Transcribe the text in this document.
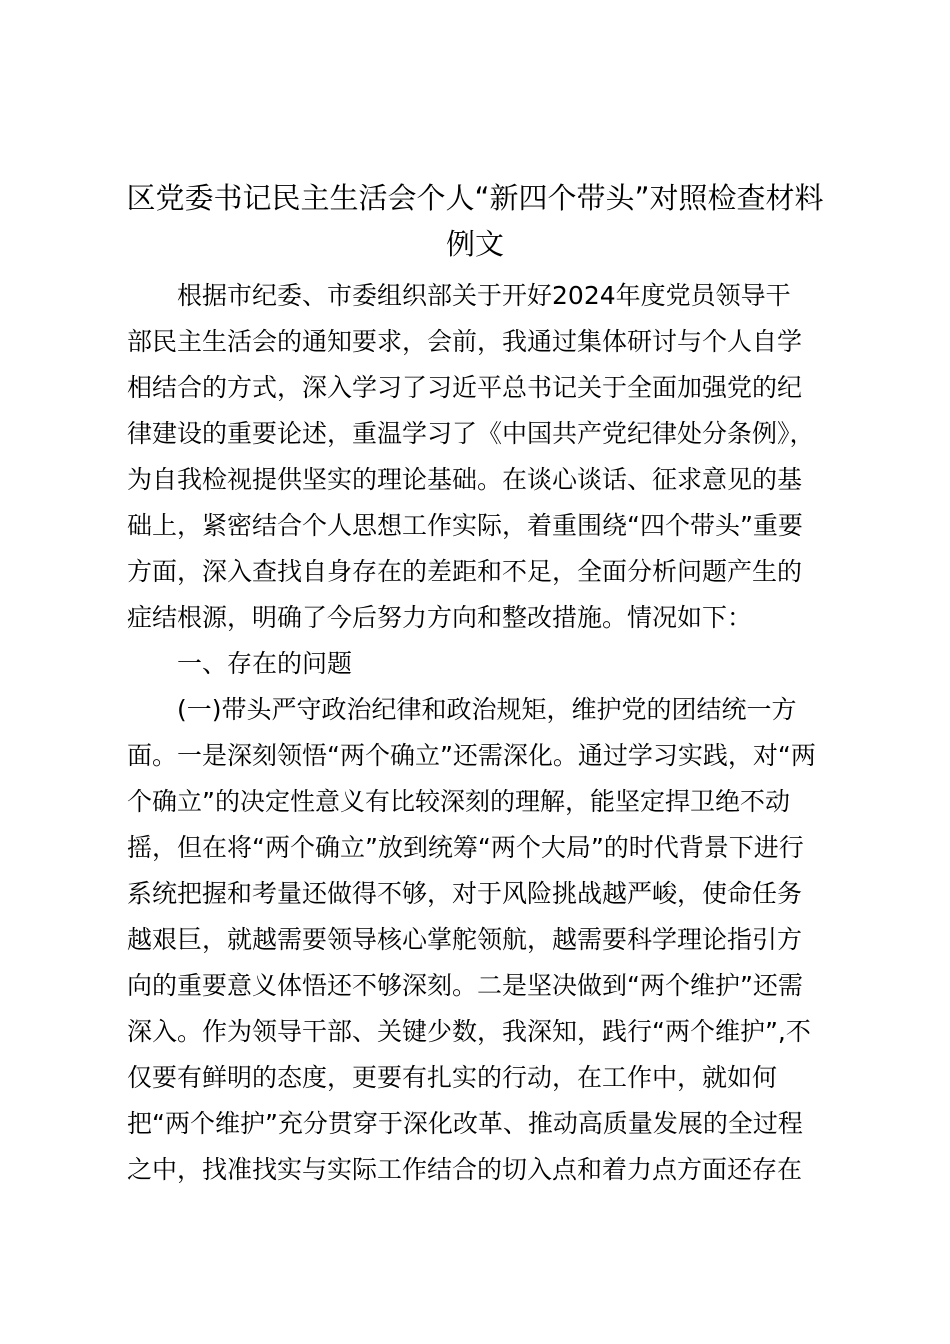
区党委书记民主生活会个人“新四个带头”对照检查材料
例文

根据市纪委、市委组织部关于开好2024年度党员领导干

部民主生活会的通知要求，会前，我通过集体研讨与个人自学

相结合的方式，深入学习了习近平总书记关于全面加强党的纪

律建设的重要论述，重温学习了《中国共产党纪律处分条例》，

为自我检视提供坚实的理论基础。在谈心谈话、征求意见的基

础上，紧密结合个人思想工作实际，着重围绕“四个带头”重要

方面，深入查找自身存在的差距和不足，全面分析问题产生的

症结根源，明确了今后努力方向和整改措施。情况如下：

一、存在的问题

(一)带头严守政治纪律和政治规矩，维护党的团结统一方

面。一是深刻领悟“两个确立”还需深化。通过学习实践，对“两

个确立”的决定性意义有比较深刻的理解，能坚定捍卫绝不动

摇，但在将“两个确立”放到统筹“两个大局”的时代背景下进行

系统把握和考量还做得不够，对于风险挑战越严峻，使命任务

越艰巨，就越需要领导核心掌舵领航，越需要科学理论指引方

向的重要意义体悟还不够深刻。二是坚决做到“两个维护”还需

深入。作为领导干部、关键少数，我深知，践行“两个维护”,不

仅要有鲜明的态度，更要有扎实的行动，在工作中，就如何

把“两个维护”充分贯穿于深化改革、推动高质量发展的全过程

之中，找准找实与实际工作结合的切入点和着力点方面还存在
